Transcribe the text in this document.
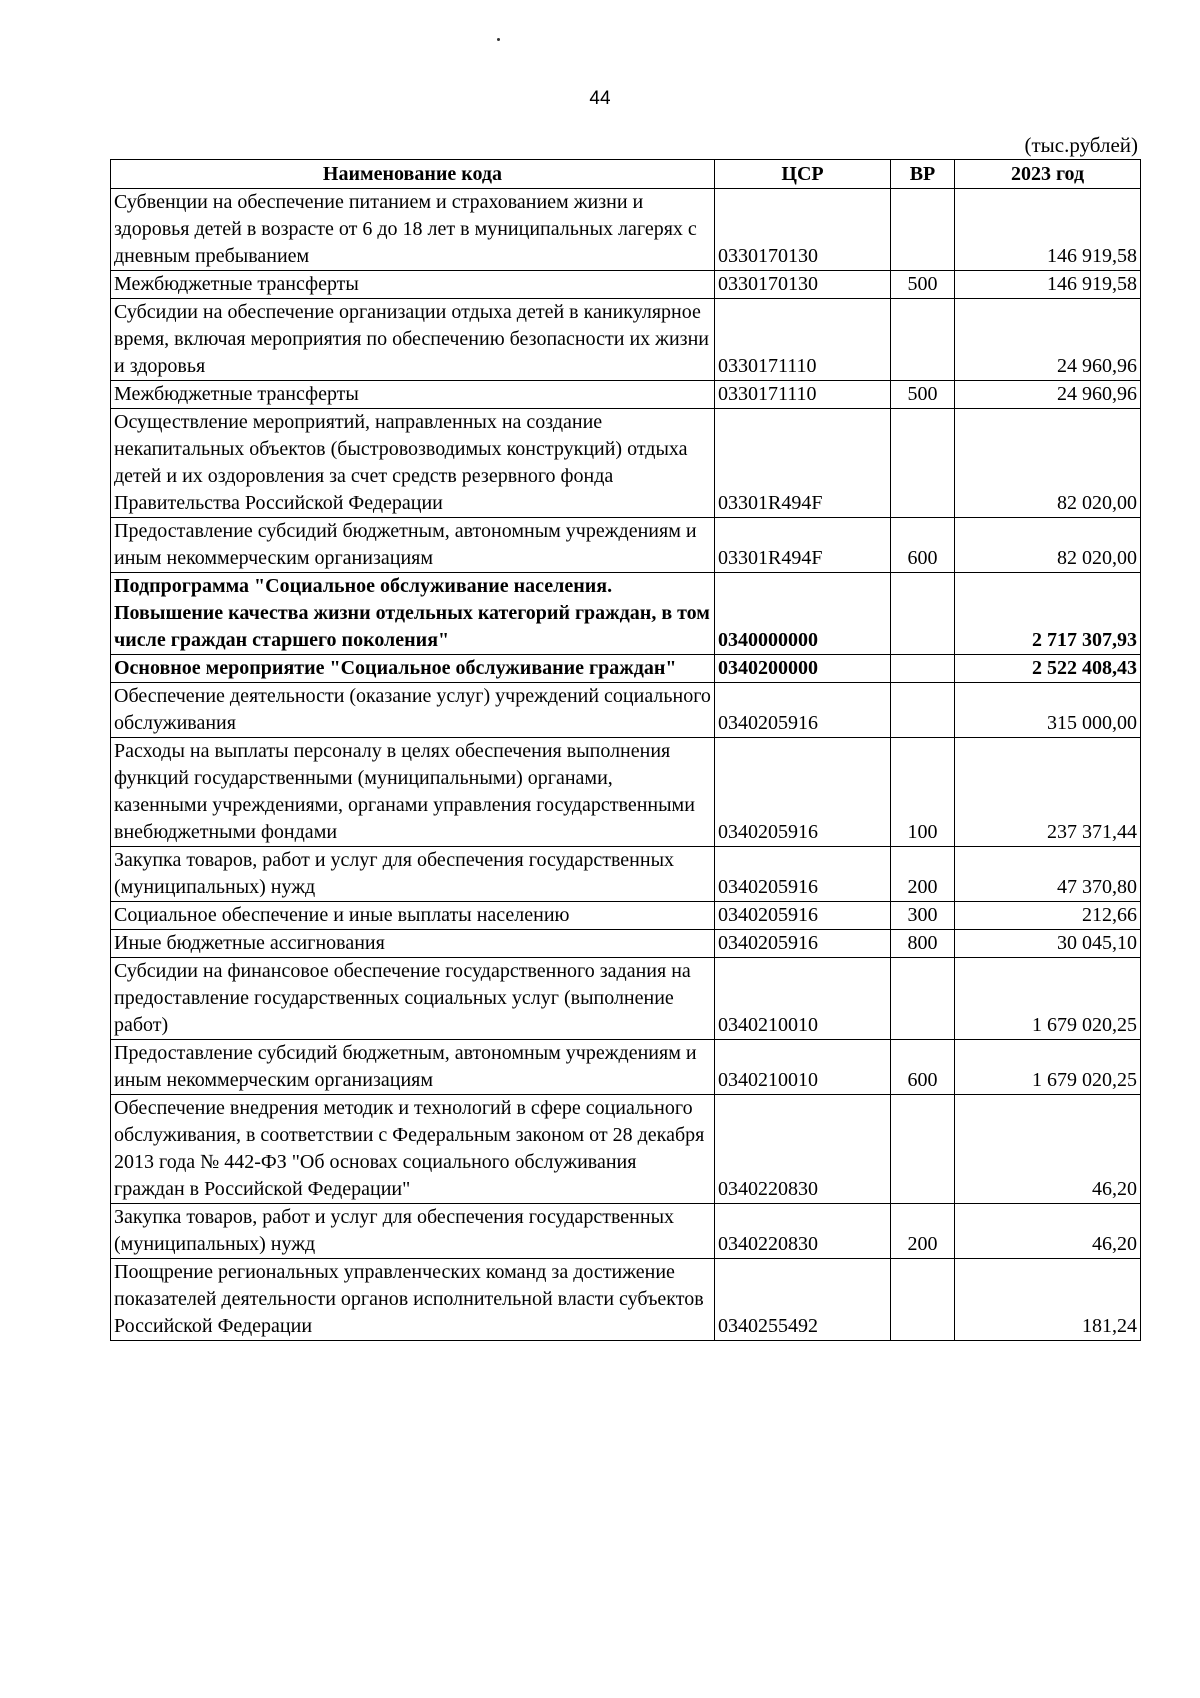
44
(тыс.рублей)
Наименование кода	ЦСР	ВР	2023 год
Субвенции на обеспечение питанием и страхованием жизни и здоровья детей в возрасте от 6 до 18 лет в муниципальных лагерях с дневным пребыванием	0330170130		146 919,58
Межбюджетные трансферты	0330170130	500	146 919,58
Субсидии на обеспечение организации отдыха детей в каникулярное время, включая мероприятия по обеспечению безопасности их жизни и здоровья	0330171110		24 960,96
Межбюджетные трансферты	0330171110	500	24 960,96
Осуществление мероприятий, направленных на создание некапитальных объектов (быстровозводимых конструкций) отдыха детей и их оздоровления за счет средств резервного фонда Правительства Российской Федерации	03301R494F		82 020,00
Предоставление субсидий бюджетным, автономным учреждениям и иным некоммерческим организациям	03301R494F	600	82 020,00
Подпрограмма "Социальное обслуживание населения. Повышение качества жизни отдельных категорий граждан, в том числе граждан старшего поколения"	0340000000		2 717 307,93
Основное мероприятие "Социальное обслуживание граждан"	0340200000		2 522 408,43
Обеспечение деятельности (оказание услуг) учреждений социального обслуживания	0340205916		315 000,00
Расходы на выплаты персоналу в целях обеспечения выполнения функций государственными (муниципальными) органами, казенными учреждениями, органами управления государственными внебюджетными фондами	0340205916	100	237 371,44
Закупка товаров, работ и услуг для обеспечения государственных (муниципальных) нужд	0340205916	200	47 370,80
Социальное обеспечение и иные выплаты населению	0340205916	300	212,66
Иные бюджетные ассигнования	0340205916	800	30 045,10
Субсидии на финансовое обеспечение государственного задания на предоставление государственных социальных услуг (выполнение работ)	0340210010		1 679 020,25
Предоставление субсидий бюджетным, автономным учреждениям и иным некоммерческим организациям	0340210010	600	1 679 020,25
Обеспечение внедрения методик и технологий в сфере социального обслуживания, в соответствии с Федеральным законом от 28 декабря 2013 года № 442-ФЗ "Об основах социального обслуживания граждан в Российской Федерации"	0340220830		46,20
Закупка товаров, работ и услуг для обеспечения государственных (муниципальных) нужд	0340220830	200	46,20
Поощрение региональных управленческих команд за достижение показателей деятельности органов исполнительной власти субъектов Российской Федерации	0340255492		181,24
